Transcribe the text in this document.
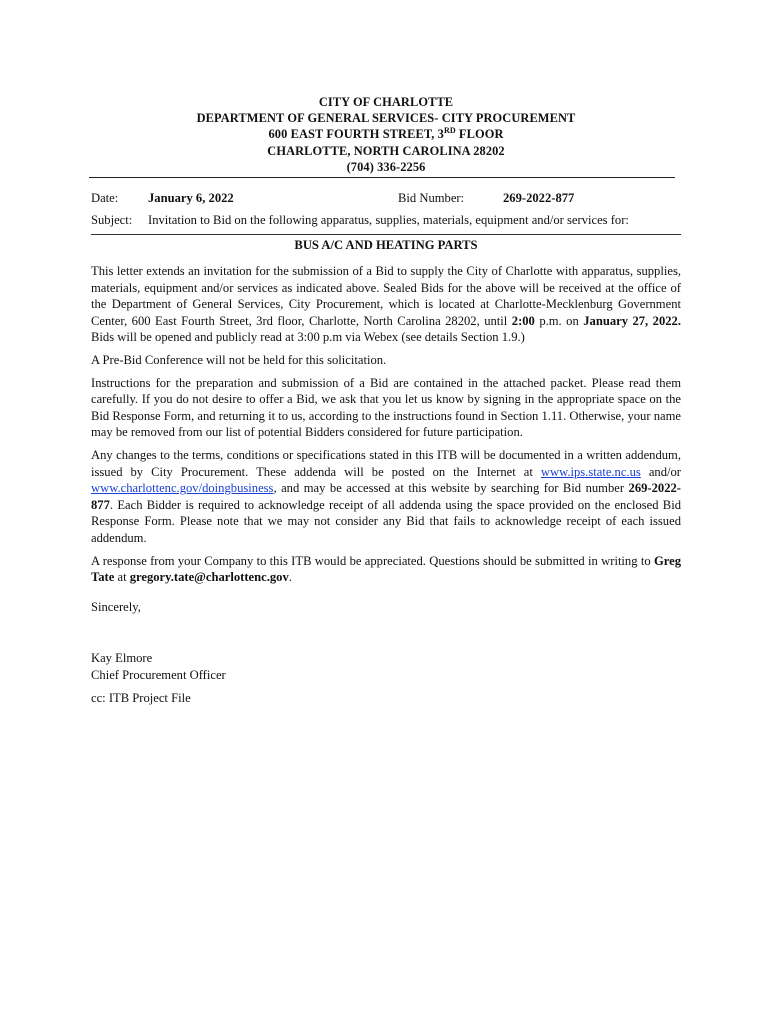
CITY OF CHARLOTTE
DEPARTMENT OF GENERAL SERVICES- CITY PROCUREMENT
600 EAST FOURTH STREET, 3RD FLOOR
CHARLOTTE, NORTH CAROLINA 28202
(704) 336-2256
Date: January 6, 2022	Bid Number:	269-2022-877
Subject: Invitation to Bid on the following apparatus, supplies, materials, equipment and/or services for:
BUS A/C AND HEATING PARTS

This letter extends an invitation for the submission of a Bid to supply the City of Charlotte with apparatus, supplies, materials, equipment and/or services as indicated above. Sealed Bids for the above will be received at the office of the Department of General Services, City Procurement, which is located at Charlotte-Mecklenburg Government Center, 600 East Fourth Street, 3rd floor, Charlotte, North Carolina 28202, until 2:00 p.m. on January 27, 2022. Bids will be opened and publicly read at 3:00 p.m via Webex (see details Section 1.9.)

A Pre-Bid Conference will not be held for this solicitation.

Instructions for the preparation and submission of a Bid are contained in the attached packet. Please read them carefully. If you do not desire to offer a Bid, we ask that you let us know by signing in the appropriate space on the Bid Response Form, and returning it to us, according to the instructions found in Section 1.11. Otherwise, your name may be removed from our list of potential Bidders considered for future participation.

Any changes to the terms, conditions or specifications stated in this ITB will be documented in a written addendum, issued by City Procurement. These addenda will be posted on the Internet at www.ips.state.nc.us and/or www.charlottenc.gov/doingbusiness, and may be accessed at this website by searching for Bid number 269-2022-877. Each Bidder is required to acknowledge receipt of all addenda using the space provided on the enclosed Bid Response Form. Please note that we may not consider any Bid that fails to acknowledge receipt of each issued addendum.

A response from your Company to this ITB would be appreciated. Questions should be submitted in writing to Greg Tate at gregory.tate@charlottenc.gov.

Sincerely,
Kay Elmore
Chief Procurement Officer
cc: ITB Project File
